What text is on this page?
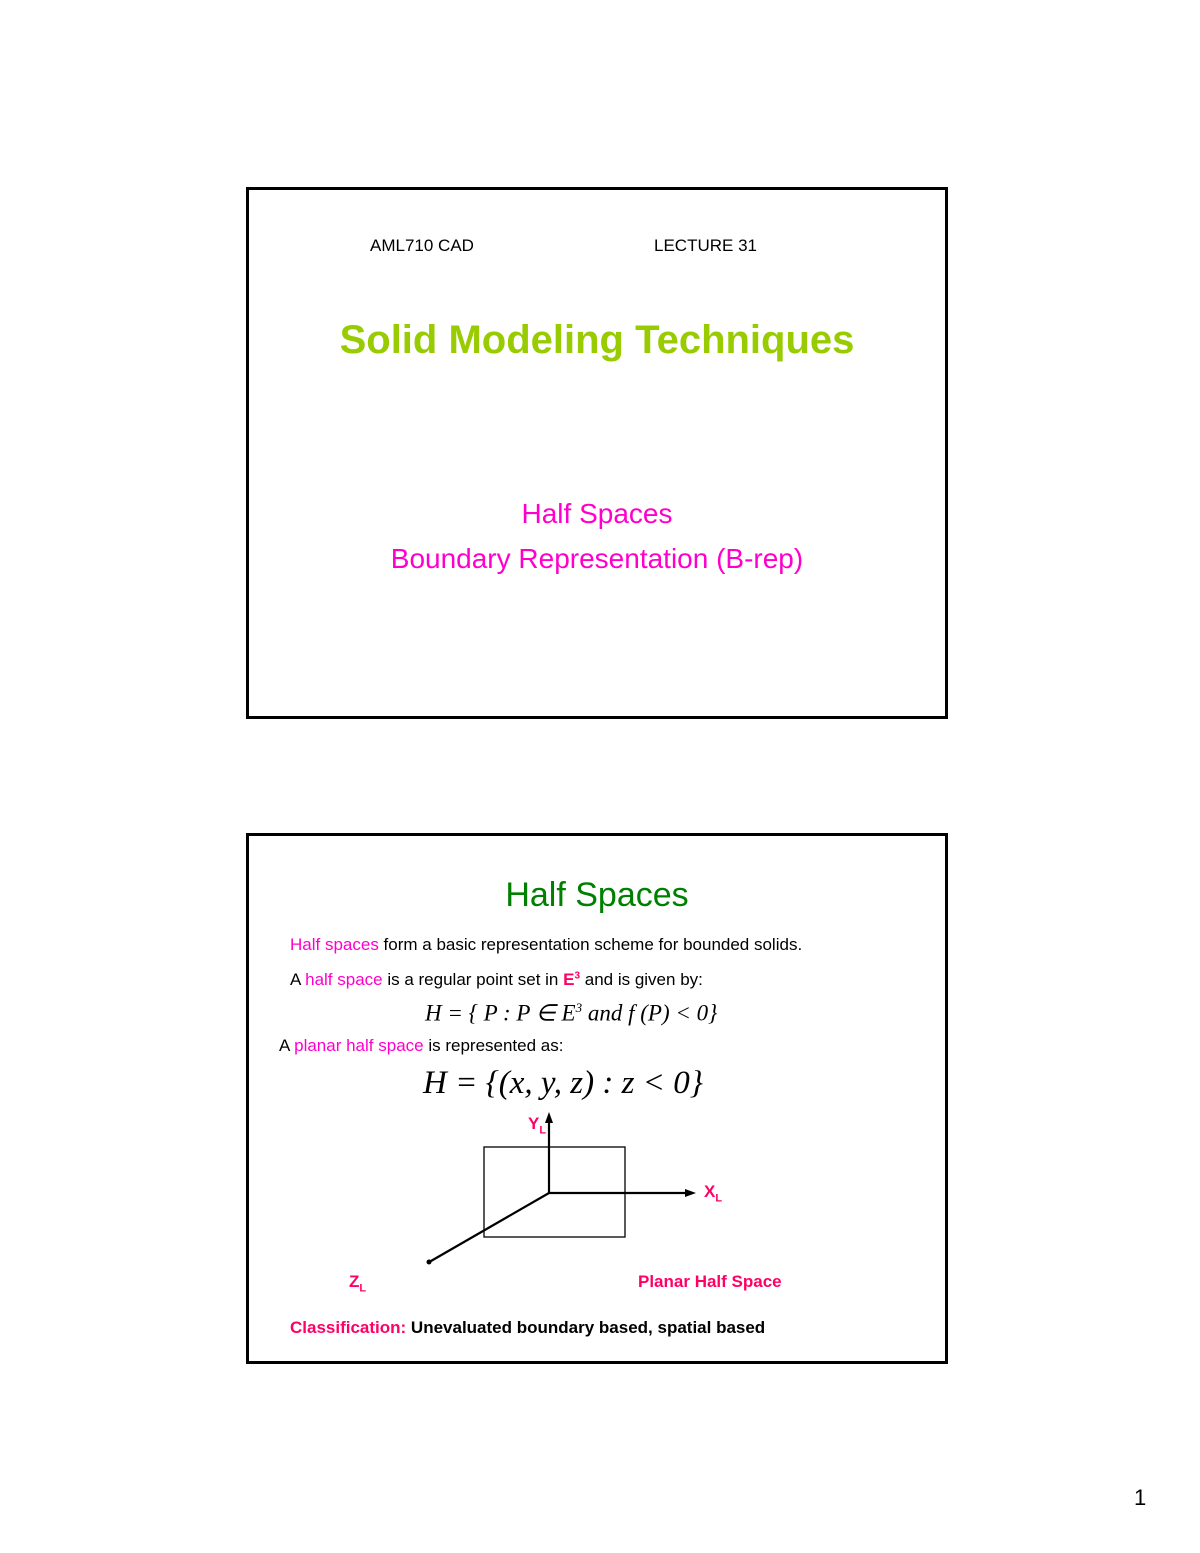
AML710 CAD	LECTURE 31
Solid Modeling Techniques
Half Spaces
Boundary Representation (B-rep)
Half Spaces
Half spaces form a basic representation scheme for bounded solids.
A half space is a regular point set in $E^3$ and is given by:
H = { P : P ∈ $E^3$ and f (P) < 0}
A planar half space is represented as:
H = {(x, y, z) : z < 0}
$Y_L$
$X_L$
$Z_L$	Planar Half Space
Classification: Unevaluated boundary based, spatial based
1
